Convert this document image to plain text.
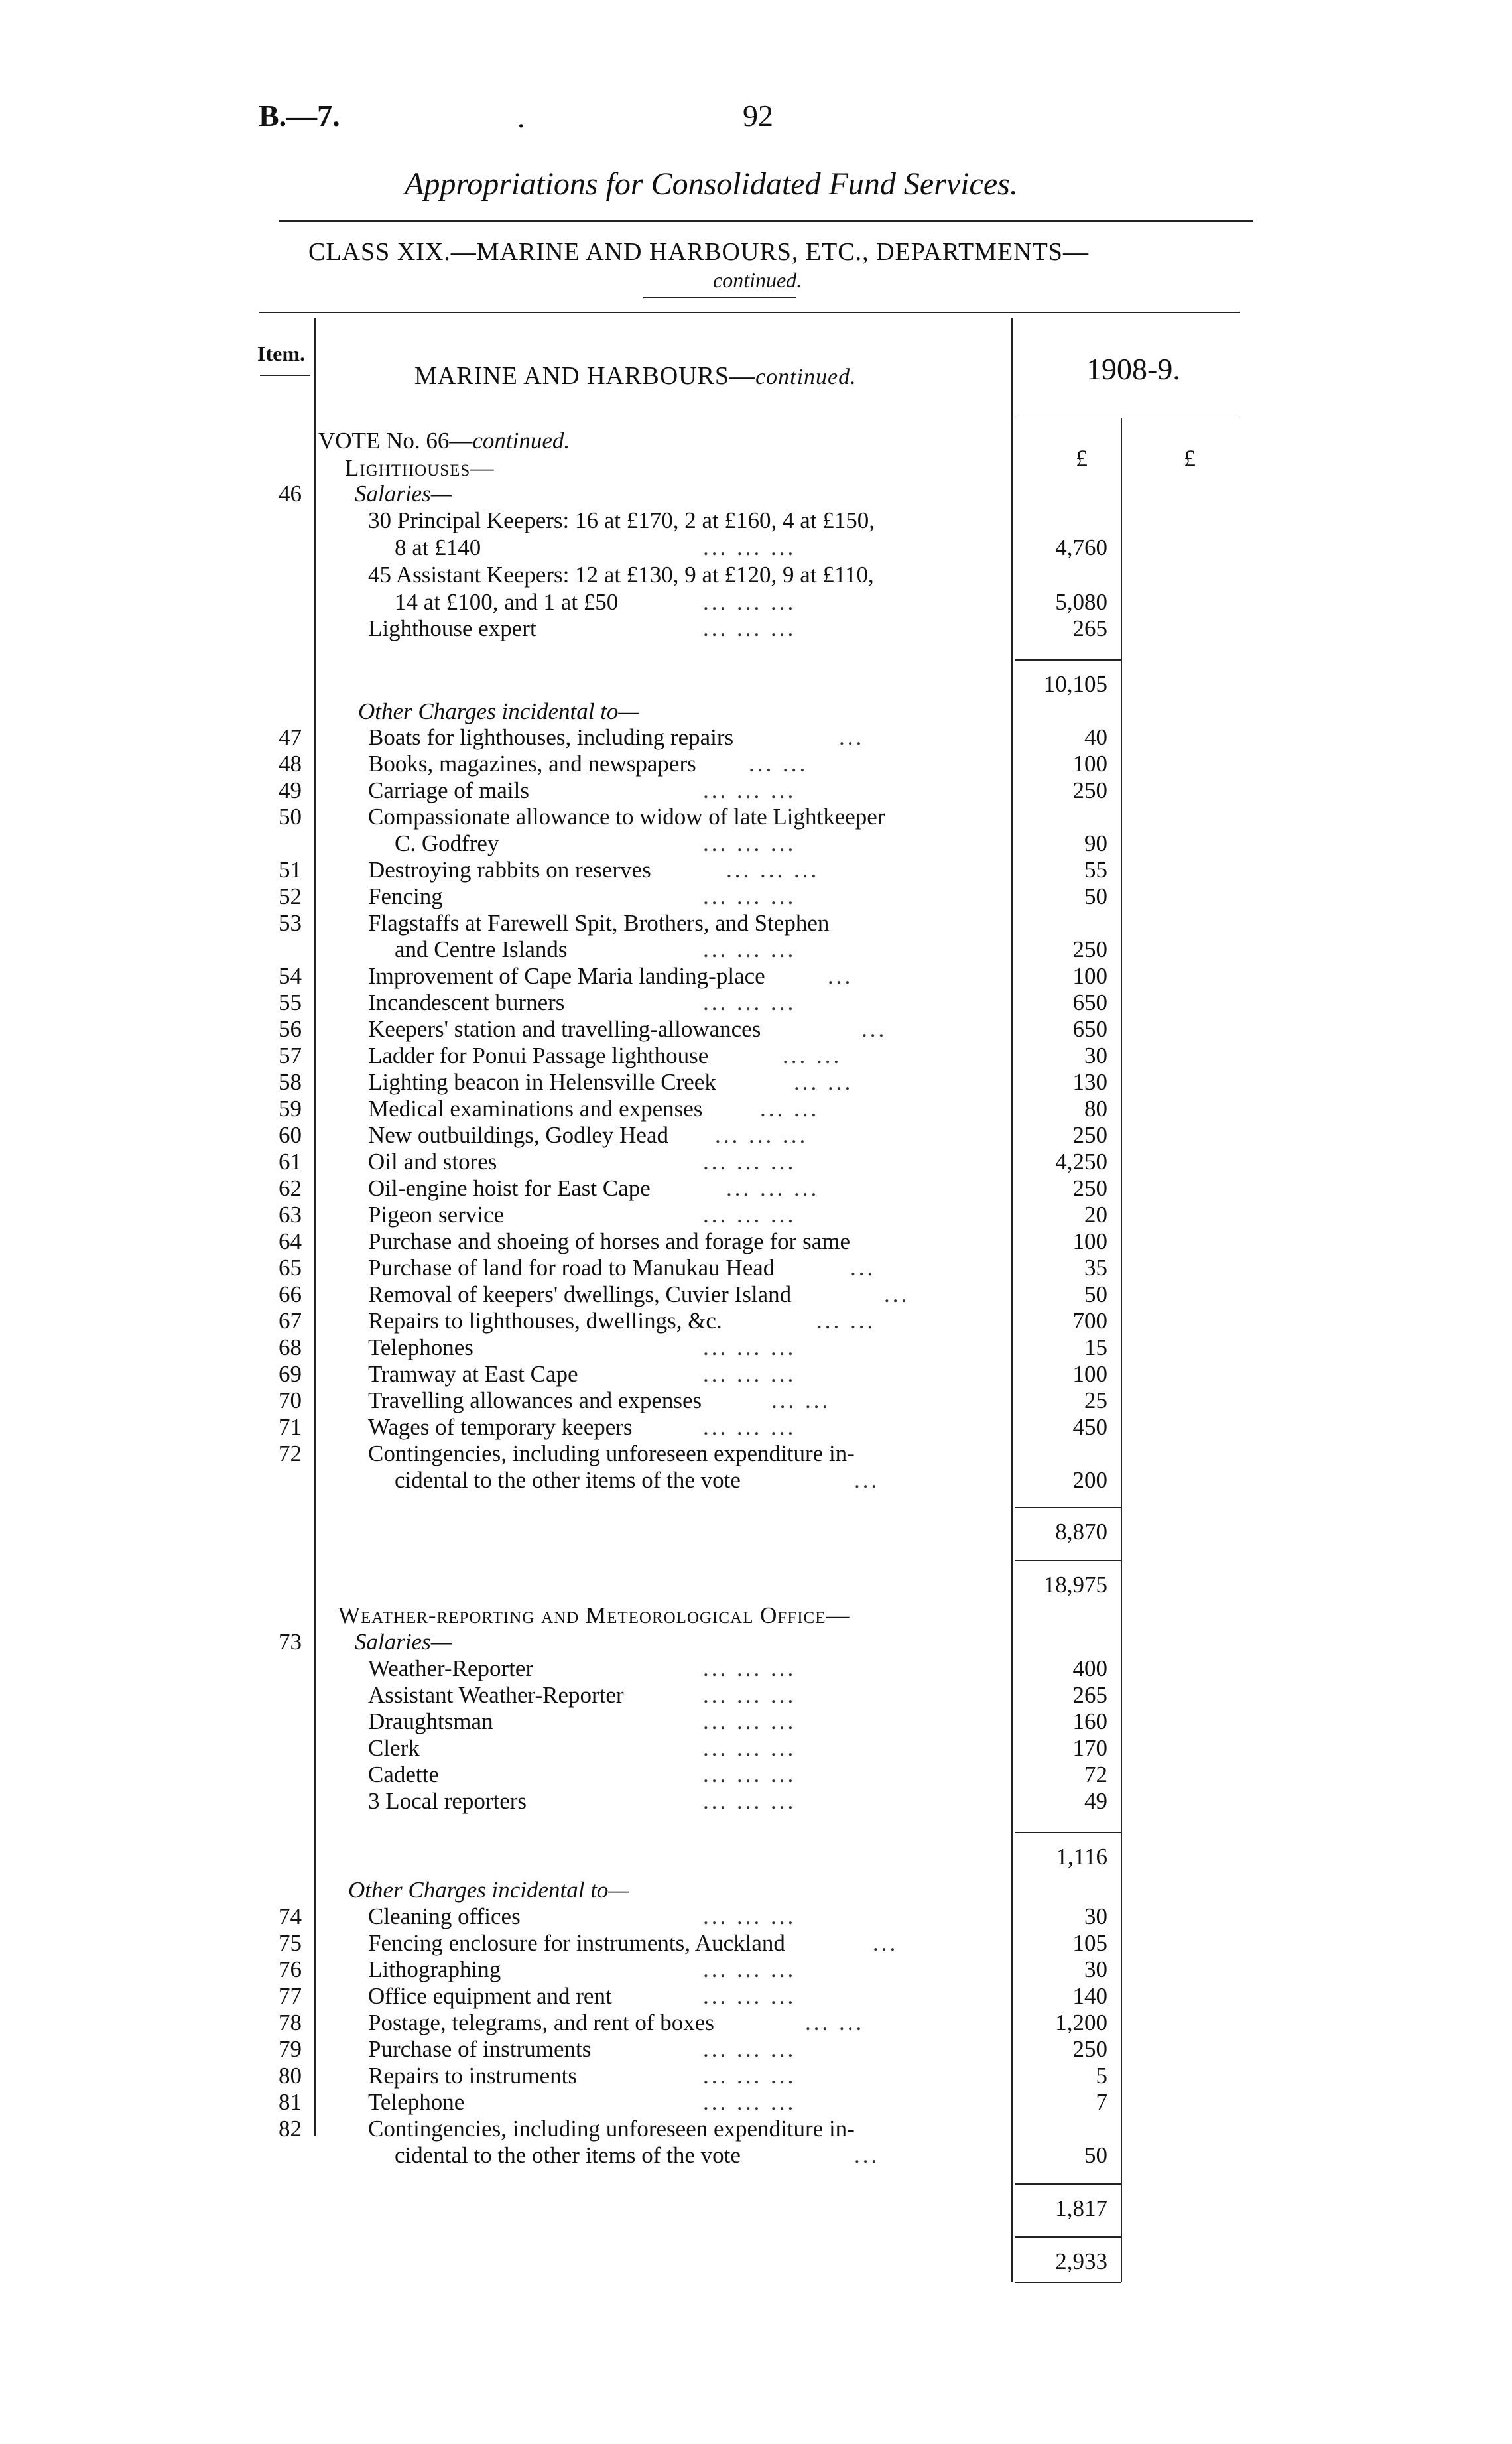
B.—7.	.	92
Appropriations for Consolidated Fund Services.
CLASS XIX.—MARINE AND HARBOURS, ETC., DEPARTMENTS—
continued.
Item.
MARINE AND HARBOURS—continued.	1908-9.
£	£
VOTE No. 66—continued.
Lighthouses—
46 Salaries—
30 Principal Keepers: 16 at £170, 2 at £160, 4 at £150,
8 at £140	... ... ...	4,760
45 Assistant Keepers: 12 at £130, 9 at £120, 9 at £110,
14 at £100, and 1 at £50	... ... ...	5,080
Lighthouse expert	... ... ...	265
10,105
Other Charges incidental to—
47	Boats for lighthouses, including repairs	...	40
48	Books, magazines, and newspapers ... ...	100
49	Carriage of mails	... ... ...	250
50	Compassionate allowance to widow of late Lightkeeper
C. Godfrey	... ... ...	90
51	Destroying rabbits on reserves	... ... ...	55
52	Fencing	... ... ...	50
53	Flagstaffs at Farewell Spit, Brothers, and Stephen
and Centre Islands	... ... ...	250
54	Improvement of Cape Maria landing-place	...	100
55	Incandescent burners	... ... ...	650
56	Keepers' station and travelling-allowances	...	650
57	Ladder for Ponui Passage lighthouse	... ...	30
58	Lighting beacon in Helensville Creek	... ...	130
59	Medical examinations and expenses ... ...	80
60	New outbuildings, Godley Head ... ... ...	250
61	Oil and stores	... ... ...	4,250
62	Oil-engine hoist for East Cape	... ... ...	250
63	Pigeon service	... ... ...	20
64	Purchase and shoeing of horses and forage for same	100
65	Purchase of land for road to Manukau Head	...	35
66	Removal of keepers' dwellings, Cuvier Island	...	50
67	Repairs to lighthouses, dwellings, &c.	... ...	700
68	Telephones	... ... ...	15
69	Tramway at East Cape	... ... ...	100
70	Travelling allowances and expenses	... ...	25
71	Wages of temporary keepers	... ... ...	450
72	Contingencies, including unforeseen expenditure in-
cidental to the other items of the vote	...	200
8,870
18,975
Weather-reporting and Meteorological Office—
73 Salaries—
Weather-Reporter	... ... ...	400
Assistant Weather-Reporter	... ... ...	265
Draughtsman	... ... ...	160
Clerk	... ... ...	170
Cadette	... ... ...	72
3 Local reporters	... ... ...	49
1,116
Other Charges incidental to—
74	Cleaning offices	... ... ...	30
75	Fencing enclosure for instruments, Auckland	...	105
76	Lithographing	... ... ...	30
77	Office equipment and rent	... ... ...	140
78	Postage, telegrams, and rent of boxes	... ...	1,200
79	Purchase of instruments	... ... ...	250
80	Repairs to instruments	... ... ...	5
81	Telephone	... ... ...	7
82	Contingencies, including unforeseen expenditure in-
cidental to the other items of the vote	...	50
1,817
2,933
